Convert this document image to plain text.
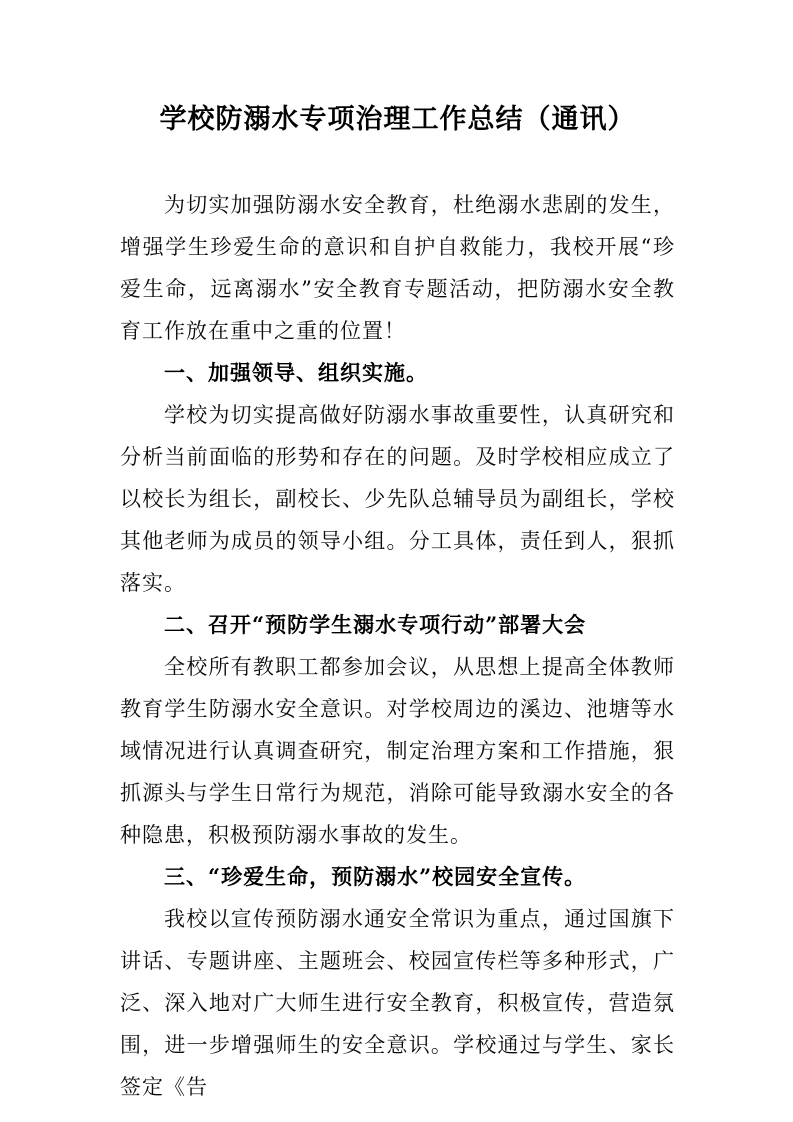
学校防溺水专项治理工作总结（通讯）

为切实加强防溺水安全教育，杜绝溺水悲剧的发生，增强学生珍爱生命的意识和自护自救能力，我校开展“珍爱生命，远离溺水”安全教育专题活动，把防溺水安全教育工作放在重中之重的位置！

一、加强领导、组织实施。

学校为切实提高做好防溺水事故重要性，认真研究和分析当前面临的形势和存在的问题。及时学校相应成立了以校长为组长，副校长、少先队总辅导员为副组长，学校其他老师为成员的领导小组。分工具体，责任到人，狠抓落实。

二、召开“预防学生溺水专项行动”部署大会

全校所有教职工都参加会议，从思想上提高全体教师教育学生防溺水安全意识。对学校周边的溪边、池塘等水域情况进行认真调查研究，制定治理方案和工作措施，狠抓源头与学生日常行为规范，消除可能导致溺水安全的各种隐患，积极预防溺水事故的发生。

三、“珍爱生命，预防溺水”校园安全宣传。

我校以宣传预防溺水通安全常识为重点，通过国旗下讲话、专题讲座、主题班会、校园宣传栏等多种形式，广泛、深入地对广大师生进行安全教育，积极宣传，营造氛围，进一步增强师生的安全意识。学校通过与学生、家长签定《告
